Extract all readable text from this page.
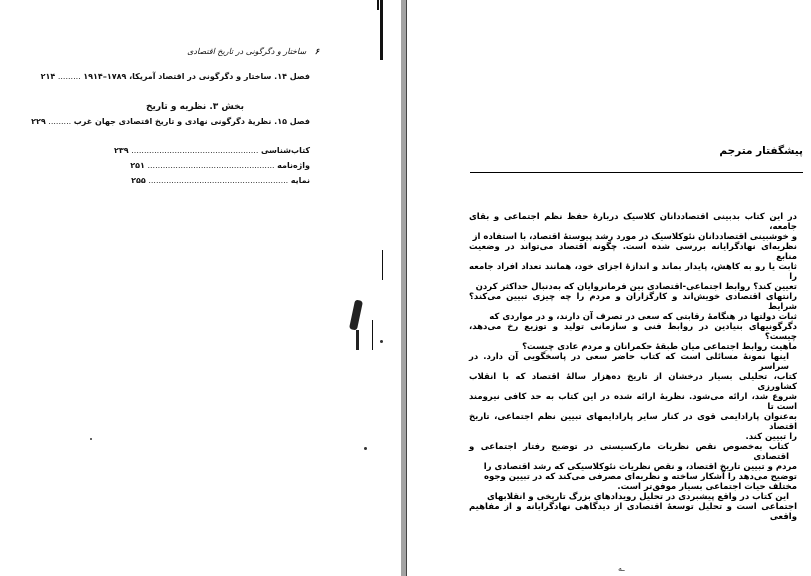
۶ ساختار و دگرگونی در تاریخ اقتصادی
فصل ۱۴. ساختار و دگرگونی در اقتصاد آمریکا، ۱۷۸۹–۱۹۱۴ ......... ۲۱۴
بخش ۳. نظریه و تاریخ
فصل ۱۵. نظریهٔ دگرگونی نهادی و تاریخ اقتصادی جهان غرب ......... ۲۲۹
کتاب‌شناسی .................................................. ۲۳۹
واژه‌نامه .................................................. ۲۵۱
نمایه ....................................................... ۲۵۵
پیشگفتار مترجم
در این کتاب بدبینی اقتصاددانان کلاسیک دربارهٔ حفظ نظم اجتماعی و بقای جامعه،
و خوشبینی اقتصاددانان نئوکلاسیک در مورد رشد پیوستهٔ اقتصاد، با استفاده از
نظریه‌ای نهادگرایانه بررسی شده است. چگونه اقتصاد می‌تواند در وضعیت منابع
ثابت یا رو به کاهش، پایدار بماند و اندازهٔ اجزای خود، همانند تعداد افراد جامعه را
تعیین کند؟ روابط اجتماعی-اقتصادی بین فرمانروایان که به‌دنبال حداکثر کردن
رانتهای اقتصادی خویش‌اند و کارگزاران و مردم را چه چیزی تبیین می‌کند؟ شرایط
ثبات دولتها در هنگامهٔ رقابتی که سعی در تصرف آن دارند، و در مواردی که
دگرگونیهای بنیادین در روابط فنی و سازمانی تولید و توزیع رخ می‌دهد، چیست؟
ماهیت روابط اجتماعی میان طبقهٔ حکمرانان و مردم عادی چیست؟
اینها نمونهٔ مسائلی است که کتاب حاضر سعی در پاسخگویی آن دارد. در سراسر
کتاب، تحلیلی بسیار درخشان از تاریخ ده‌هزار سالهٔ اقتصاد که با انقلاب کشاورزی
شروع شد، ارائه می‌شود. نظریهٔ ارائه شده در این کتاب به حد کافی نیرومند است تا
به‌عنوان پارادایمی قوی در کنار سایر پارادایمهای تبیین نظم اجتماعی، تاریخ اقتصاد
را تبیین کند.
کتاب به‌خصوص نقص نظریات مارکسیستی در توضیح رفتار اجتماعی و اقتصادی
مردم و تبیین تاریخ اقتصاد، و نقص نظریات نئوکلاسیکی که رشد اقتصادی را
توضیح می‌دهد را آشکار ساخته و نظریه‌ای مصرفی می‌کند که در تبیین وجوه
مختلف حیات اجتماعی بسیار موفق‌تر است.
این کتاب در واقع پیشبردی در تحلیل رویدادهای بزرگ تاریخی و انقلابهای
اجتماعی است و تحلیل توسعهٔ اقتصادی از دیدگاهی نهادگرایانه و از مفاهیم واقعی
ـه
